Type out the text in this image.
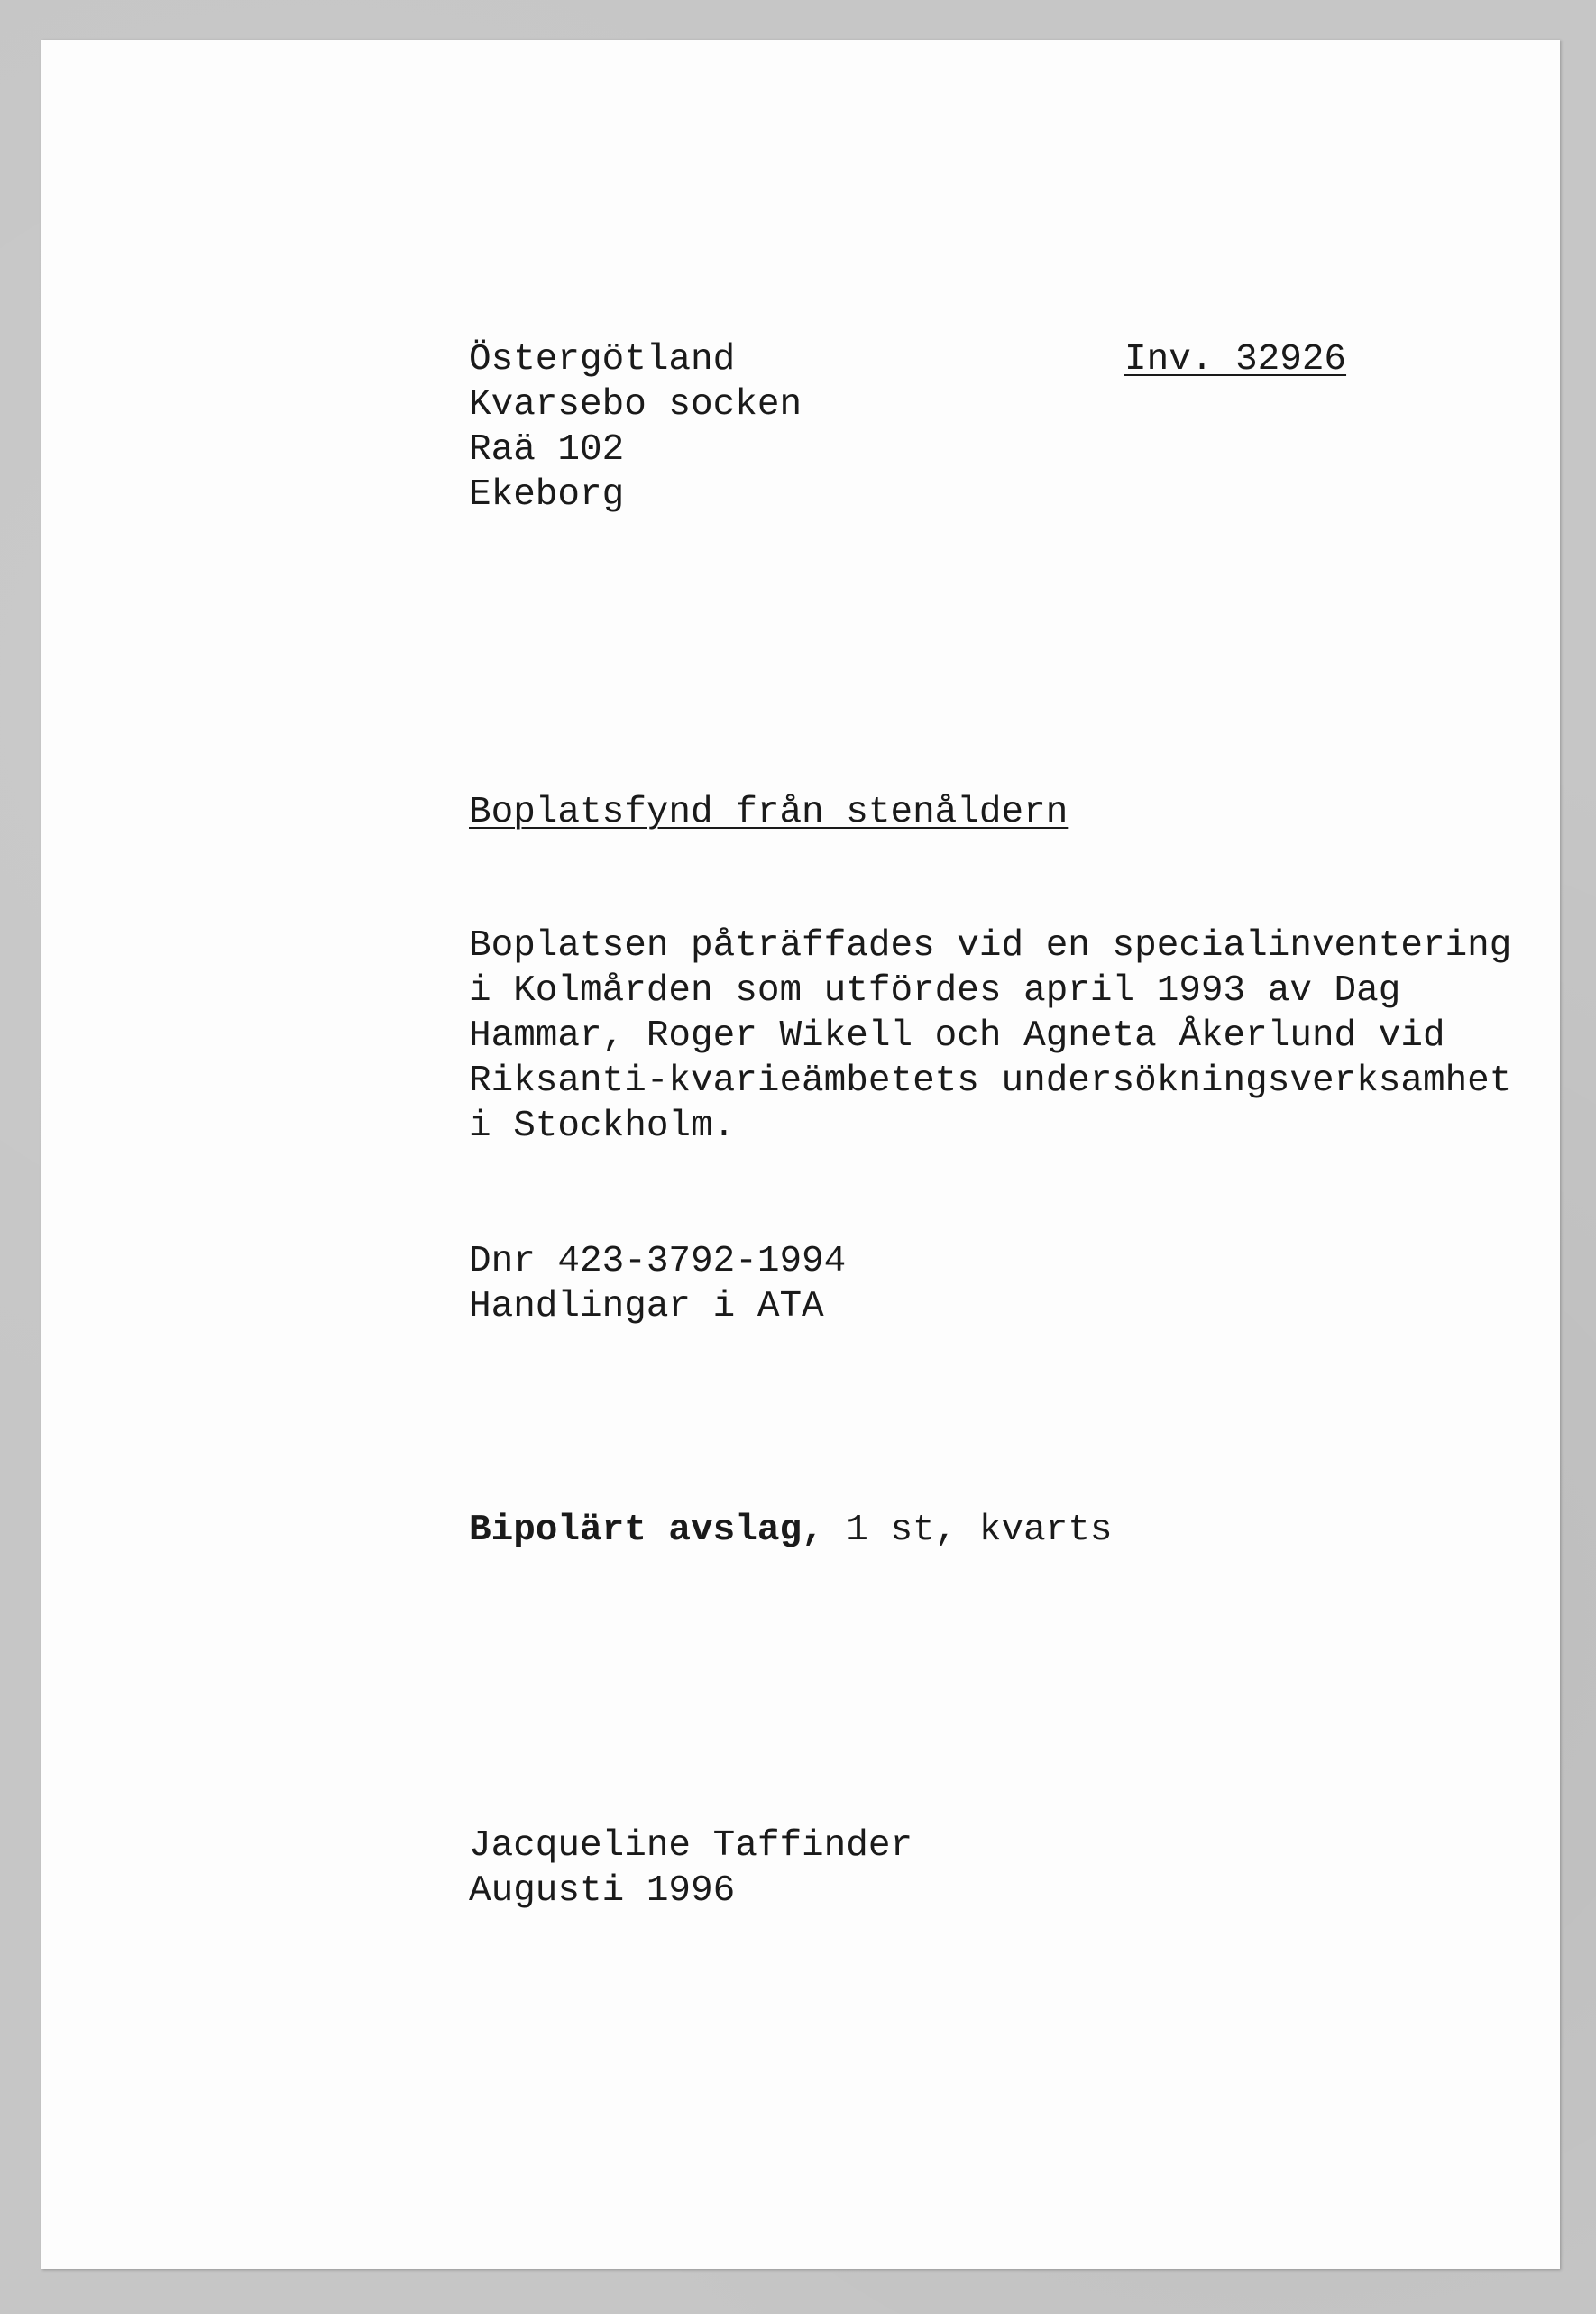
Östergötland	Inv. 32926
Kvarsebo socken
Raä 102
Ekeborg
Boplatsfynd från stenåldern
Boplatsen påträffades vid en specialinventering
i Kolmården som utfördes april 1993 av Dag
Hammar, Roger Wikell och Agneta Åkerlund vid
Riksanti-kvarieämbetets undersökningsverksamhet
i Stockholm.
Dnr 423-3792-1994
Handlingar i ATA
Bipolärt avslag, 1 st, kvarts
Jacqueline Taffinder
Augusti 1996
